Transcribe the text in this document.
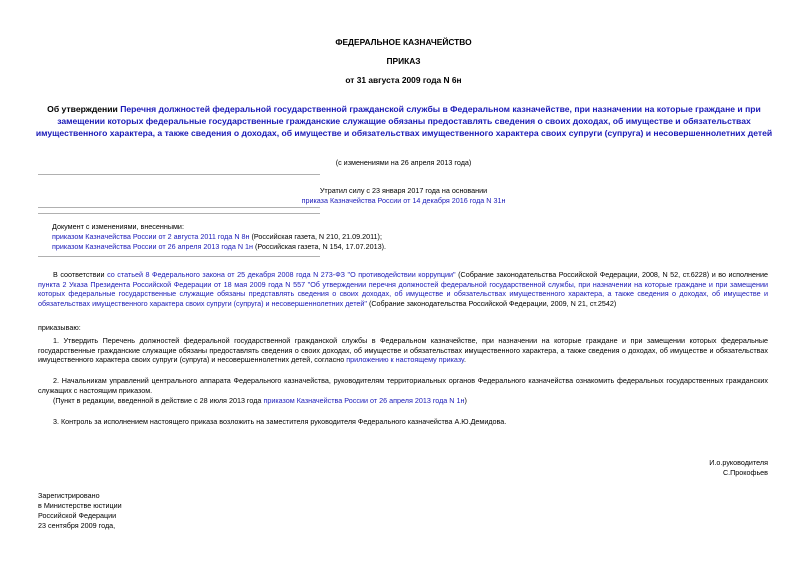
ФЕДЕРАЛЬНОЕ КАЗНАЧЕЙСТВО
ПРИКАЗ
от 31 августа 2009 года N 6н
Об утверждении Перечня должностей федеральной государственной гражданской службы в Федеральном казначействе, при назначении на которые граждане и при замещении которых федеральные государственные гражданские служащие обязаны предоставлять сведения о своих доходах, об имуществе и обязательствах имущественного характера, а также сведения о доходах, об имуществе и обязательствах имущественного характера своих супруги (супруга) и несовершеннолетних детей
(с изменениями на 26 апреля 2013 года)
Утратил силу с 23 января 2017 года на основании
приказа Казначейства России от 14 декабря 2016 года N 31н
Документ с изменениями, внесенными:
приказом Казначейства России от 2 августа 2011 года N 8н (Российская газета, N 210, 21.09.2011);
приказом Казначейства России от 26 апреля 2013 года N 1н (Российская газета, N 154, 17.07.2013).
В соответствии со статьей 8 Федерального закона от 25 декабря 2008 года N 273-ФЗ "О противодействии коррупции" (Собрание законодательства Российской Федерации, 2008, N 52, ст.6228) и во исполнение пункта 2 Указа Президента Российской Федерации от 18 мая 2009 года N 557 "Об утверждении перечня должностей федеральной государственной службы, при назначении на которые граждане и при замещении которых федеральные государственные служащие обязаны представлять сведения о своих доходах, об имуществе и обязательствах имущественного характера, а также сведения о доходах, об имуществе и обязательствах имущественного характера своих супруги (супруга) и несовершеннолетних детей" (Собрание законодательства Российской Федерации, 2009, N 21, ст.2542)
приказываю:
1. Утвердить Перечень должностей федеральной государственной гражданской службы в Федеральном казначействе, при назначении на которые граждане и при замещении которых федеральные государственные гражданские служащие обязаны предоставлять сведения о своих доходах, об имуществе и обязательствах имущественного характера, а также сведения о доходах, об имуществе и обязательствах имущественного характера своих супруги (супруга) и несовершеннолетних детей, согласно приложению к настоящему приказу.
2. Начальникам управлений центрального аппарата Федерального казначейства, руководителям территориальных органов Федерального казначейства ознакомить федеральных государственных гражданских служащих с настоящим приказом.
(Пункт в редакции, введенной в действие с 28 июля 2013 года приказом Казначейства России от 26 апреля 2013 года N 1н)
3. Контроль за исполнением настоящего приказа возложить на заместителя руководителя Федерального казначейства А.Ю.Демидова.
И.о.руководителя
С.Прокофьев
Зарегистрировано
в Министерстве юстиции
Российской Федерации
23 сентября 2009 года,
